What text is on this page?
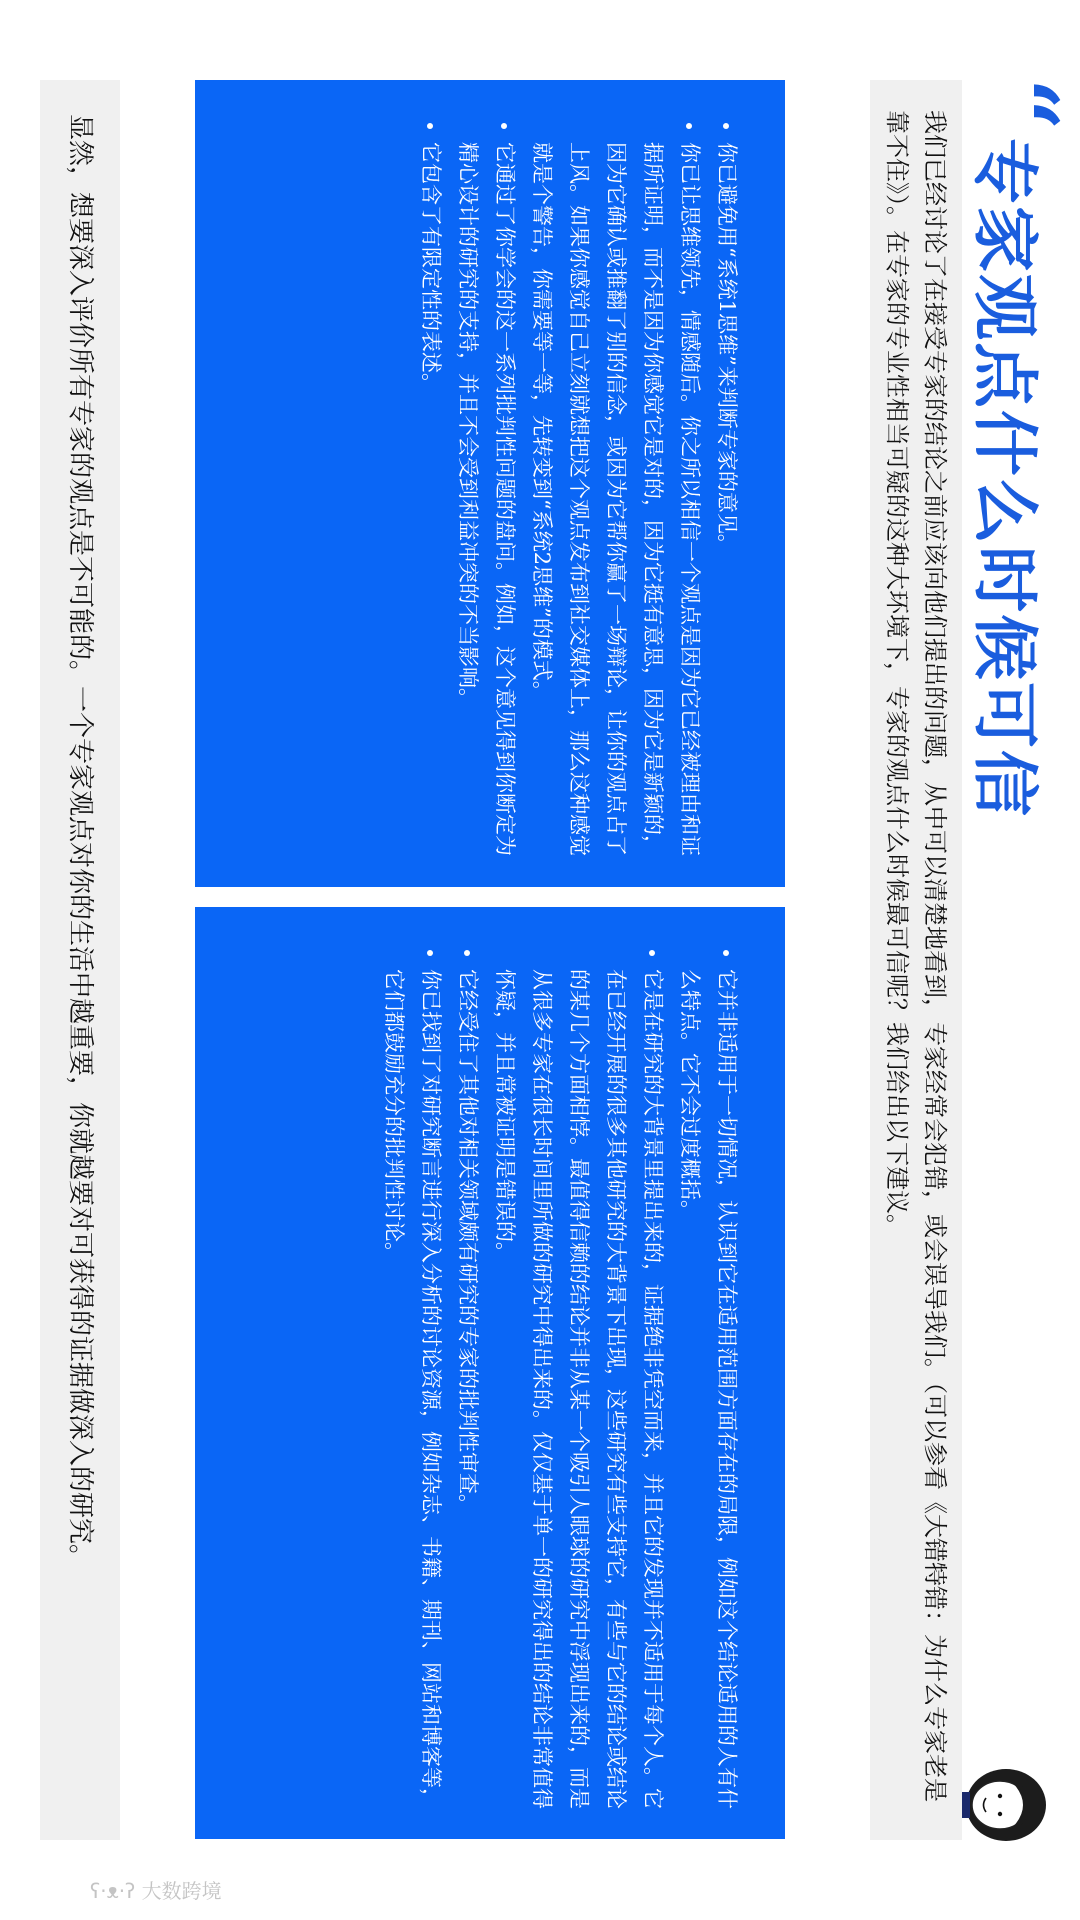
“
专家观点什么时候可信
我们已经讨论了在接受专家的结论之前应该向他们提出的问题，从中可以清楚地看到，专家经常会犯错，或会误导我们。（可以参看《大错特错：为什么专家老是靠不住》）。在专家的专业性相当可疑的这种大环境下，专家的观点什么时候最可信呢？我们给出以下建议。
• 你已避免用“系统1思维”来判断专家的意见。
• 你已让思维领先，情感随后。你之所以相信一个观点是因为它已经被理由和证据所证明，而不是因为你感觉它是对的，因为它挺有意思，因为它是新颖的，因为它确认或推翻了别的信念，或因为它帮你赢了一场辩论，让你的观点占了上风。如果你感觉自己立刻就想把这个观点发布到社交媒体上，那么这种感觉就是个警告，你需要等一等，先转变到“系统2思维”的模式。
• 它通过了你学会的这一系列批判性问题的盘问。例如，这个意见得到你断定为精心设计的研究的支持，并且不会受到利益冲突的不当影响。
• 它包含了有限定性的表述。
• 它并非适用于一切情况，认识到它在适用范围方面存在的局限，例如这个结论适用的人有什么特点。它不会过度概括。
• 它是在研究的大背景里提出来的，证据绝非凭空而来，并且它的发现并不适用于每个人。它在已经开展的很多其他研究的大背景下出现，这些研究有些支持它，有些与它的结论或结论的某几个方面相悖。最值得信赖的结论并非从某一个吸引人眼球的研究中浮现出来的，而是从很多专家在很长时间里所做的研究中得出来的。仅仅基于单一的研究得出的结论非常值得怀疑，并且常被证明是错误的。
• 它经受住了其他对相关领域颇有研究的专家的批判性审查。
• 你已找到了对研究断言进行深入分析的讨论资源，例如杂志、书籍、期刊、网站和博客等，它们都鼓励充分的批判性讨论。
显然，想要深入评价所有专家的观点是不可能的。一个专家观点对你的生活中越重要，你就越要对可获得的证据做深入的研究。
ʕ·ᴥ·ʔ 大数跨境
